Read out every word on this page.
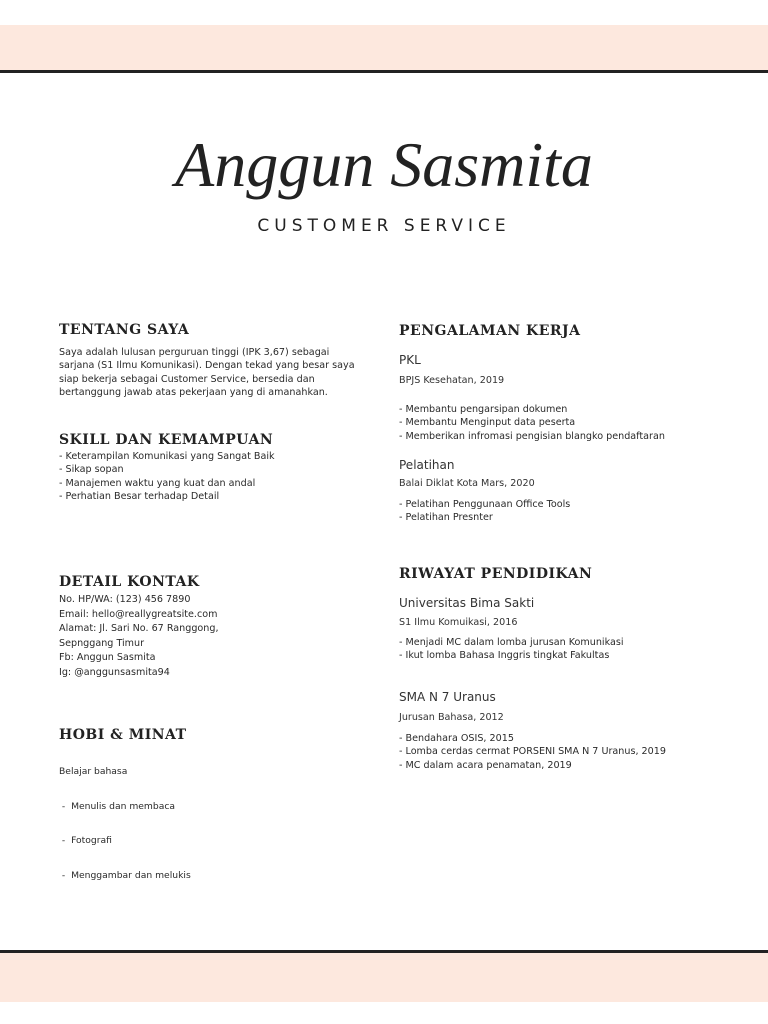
Anggun Sasmita
CUSTOMER SERVICE
TENTANG SAYA

Saya adalah lulusan perguruan tinggi (IPK 3,67) sebagai sarjana (S1 Ilmu Komunikasi). Dengan tekad yang besar saya siap bekerja sebagai Customer Service, bersedia dan bertanggung jawab atas pekerjaan yang di amanahkan.

SKILL DAN KEMAMPUAN
- Keterampilan Komunikasi yang Sangat Baik
- Sikap sopan
- Manajemen waktu yang kuat dan andal
- Perhatian Besar terhadap Detail
DETAIL KONTAK
No. HP/WA: (123) 456 7890
Email: hello@reallygreatsite.com
Alamat: Jl. Sari No. 67 Ranggong, Sepnggang Timur
Fb: Anggun Sasmita
Ig: @anggunsasmita94
HOBI & MINAT

Belajar bahasa

-  Menulis dan membaca

-  Fotografi

-  Menggambar dan melukis

PENGALAMAN KERJA
PKL
BPJS Kesehatan, 2019
- Membantu pengarsipan dokumen
- Membantu Menginput data peserta
- Memberikan infromasi pengisian blangko pendaftaran
Pelatihan
Balai Diklat Kota Mars, 2020
- Pelatihan Penggunaan Office Tools
- Pelatihan Presnter
RIWAYAT PENDIDIKAN
Universitas Bima Sakti
S1 Ilmu Komuikasi, 2016
- Menjadi MC dalam lomba jurusan Komunikasi
- Ikut lomba Bahasa Inggris tingkat Fakultas
SMA N 7 Uranus
Jurusan Bahasa, 2012
- Bendahara OSIS, 2015
- Lomba cerdas cermat PORSENI SMA N 7 Uranus, 2019
- MC dalam acara penamatan, 2019
